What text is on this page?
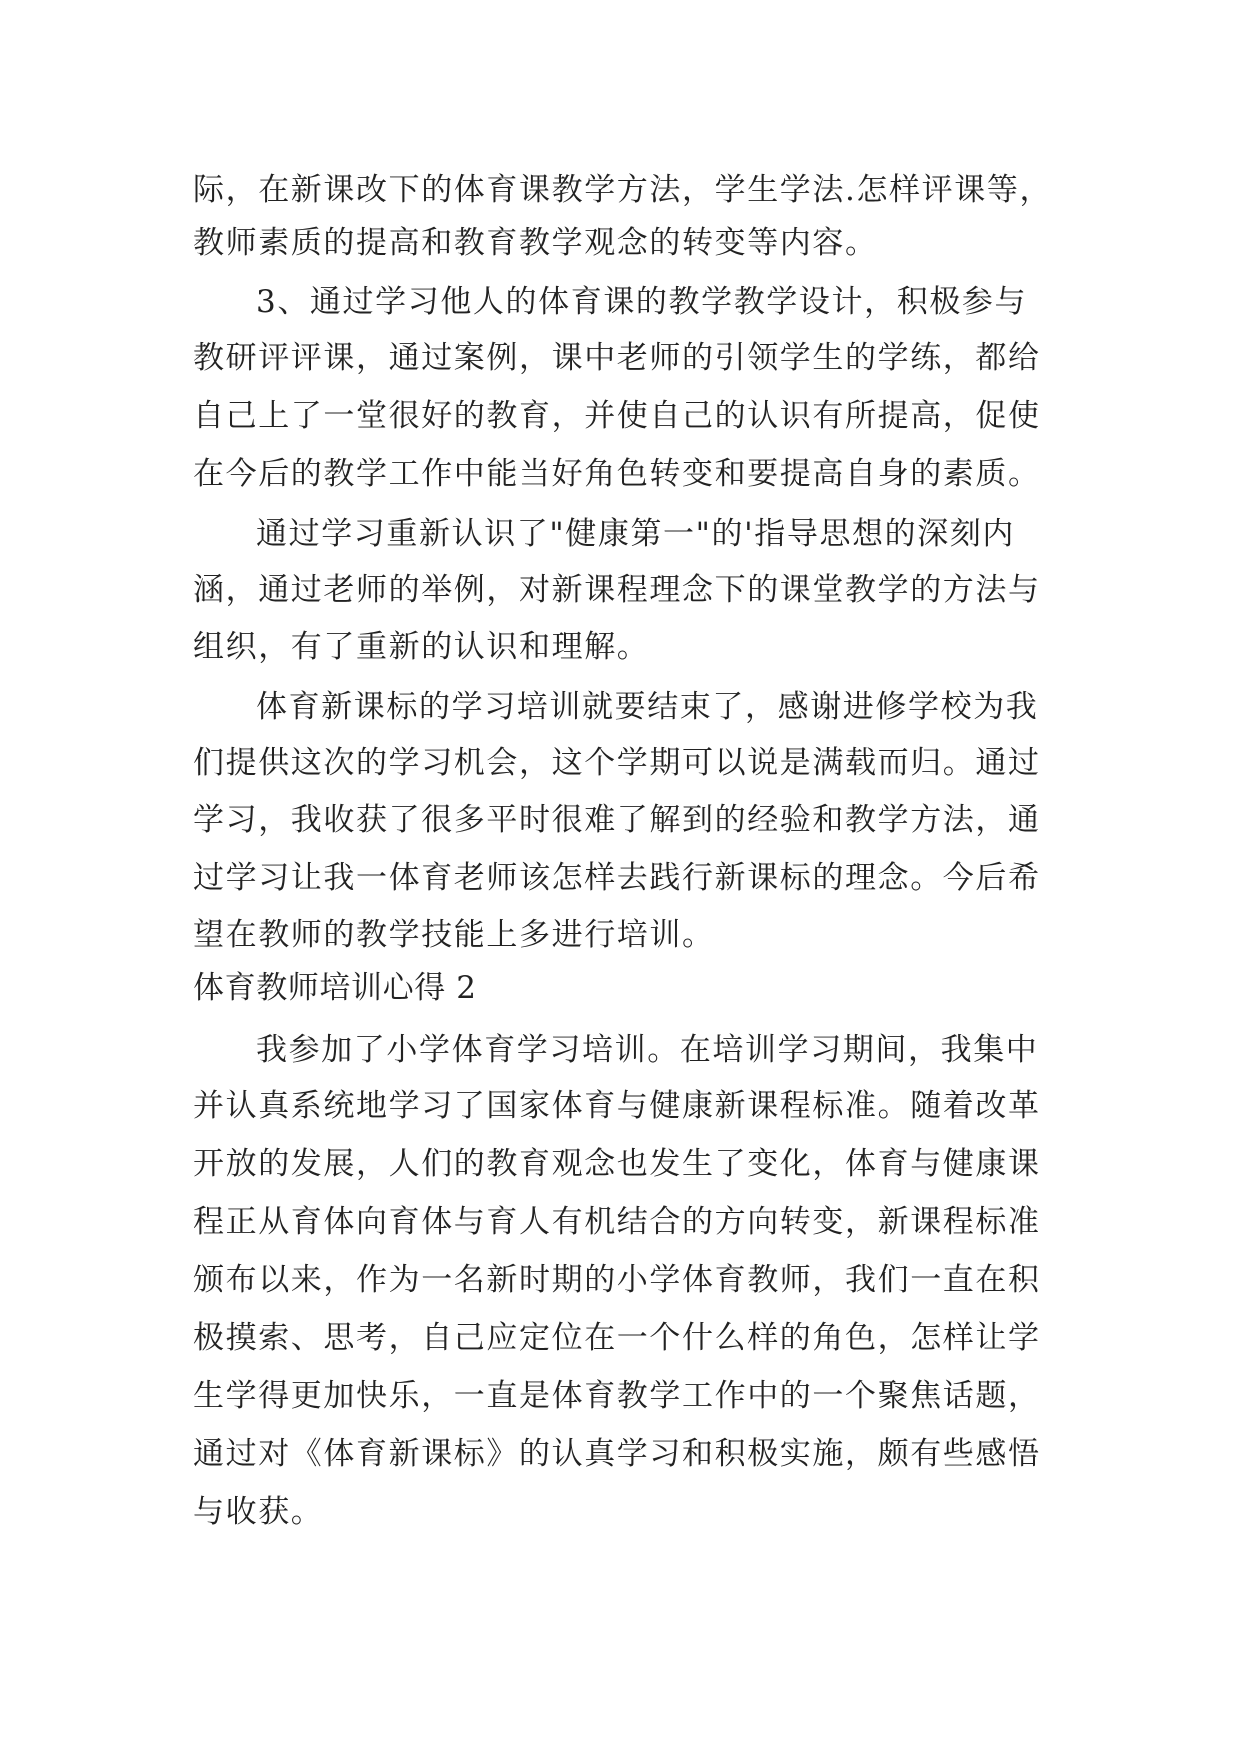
际，在新课改下的体育课教学方法，学生学法.怎样评课等，
教师素质的提高和教育教学观念的转变等内容。
3、通过学习他人的体育课的教学教学设计，积极参与
教研评评课，通过案例，课中老师的引领学生的学练，都给
自己上了一堂很好的教育，并使自己的认识有所提高，促使
在今后的教学工作中能当好角色转变和要提高自身的素质。
通过学习重新认识了"健康第一"的'指导思想的深刻内
涵，通过老师的举例，对新课程理念下的课堂教学的方法与
组织，有了重新的认识和理解。
体育新课标的学习培训就要结束了，感谢进修学校为我
们提供这次的学习机会，这个学期可以说是满载而归。通过
学习，我收获了很多平时很难了解到的经验和教学方法，通
过学习让我一体育老师该怎样去践行新课标的理念。今后希
望在教师的教学技能上多进行培训。
体育教师培训心得 2
我参加了小学体育学习培训。在培训学习期间，我集中
并认真系统地学习了国家体育与健康新课程标准。随着改革
开放的发展，人们的教育观念也发生了变化，体育与健康课
程正从育体向育体与育人有机结合的方向转变，新课程标准
颁布以来，作为一名新时期的小学体育教师，我们一直在积
极摸索、思考，自己应定位在一个什么样的角色，怎样让学
生学得更加快乐，一直是体育教学工作中的一个聚焦话题，
通过对《体育新课标》的认真学习和积极实施，颇有些感悟
与收获。
